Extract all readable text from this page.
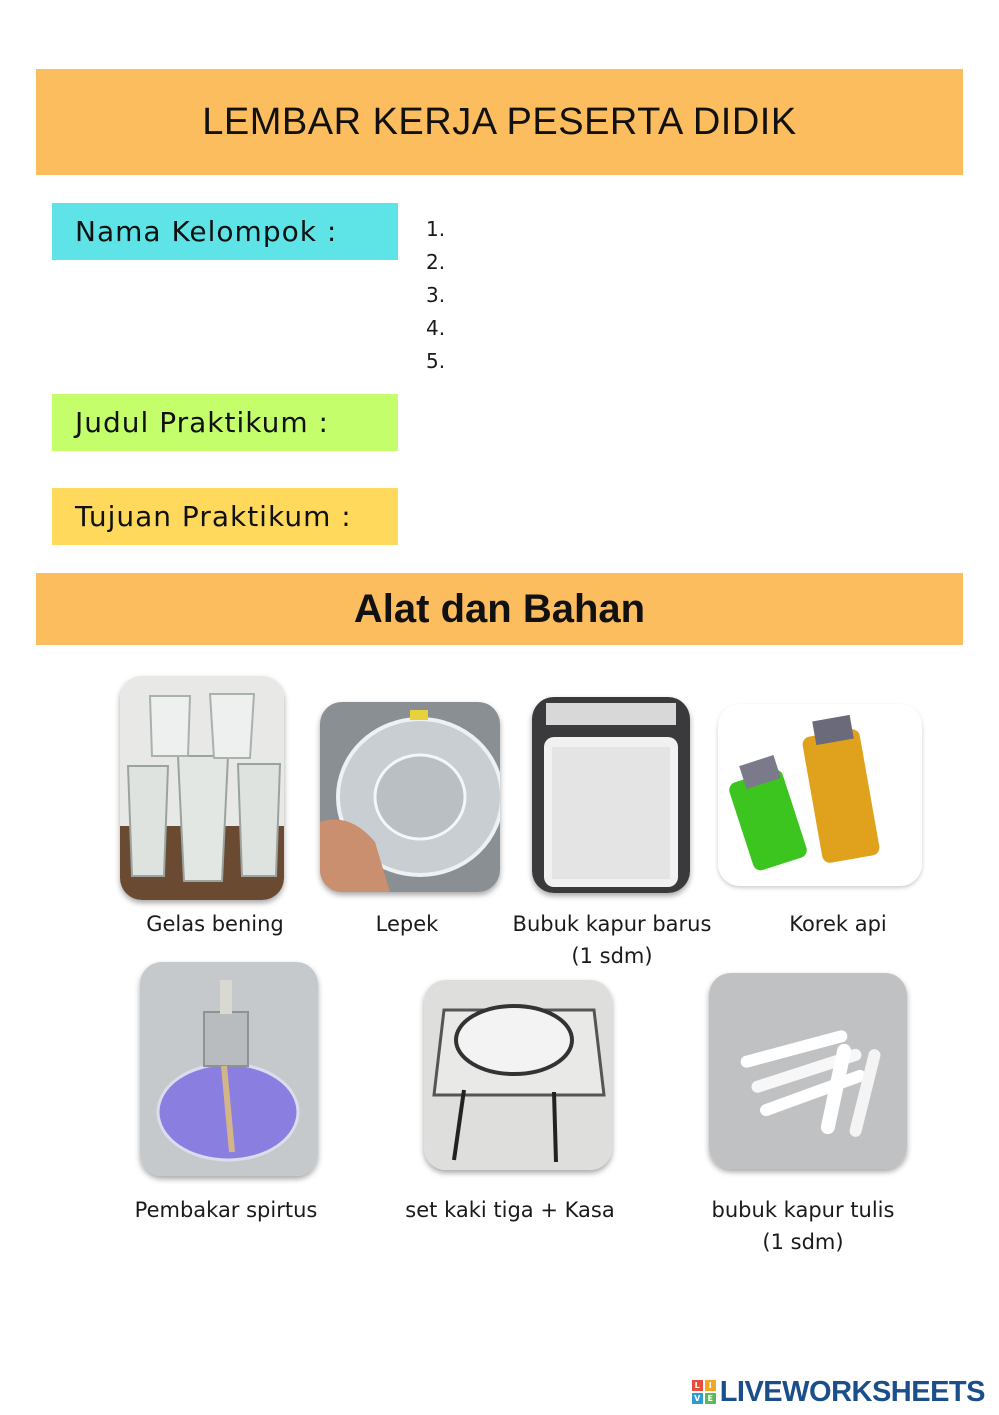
LEMBAR KERJA PESERTA DIDIK
Nama Kelompok :	1.
2.
3.
4.
5.
Judul Praktikum :
Tujuan Praktikum :
Alat dan Bahan
Gelas bening	Lepek	Bubuk kapur barus
(1 sdm)
Korek api
Pembakar spirtus	set kaki tiga + Kasa	bubuk kapur tulis
(1 sdm)
L	I
V E LIVEWORKSHEETS
